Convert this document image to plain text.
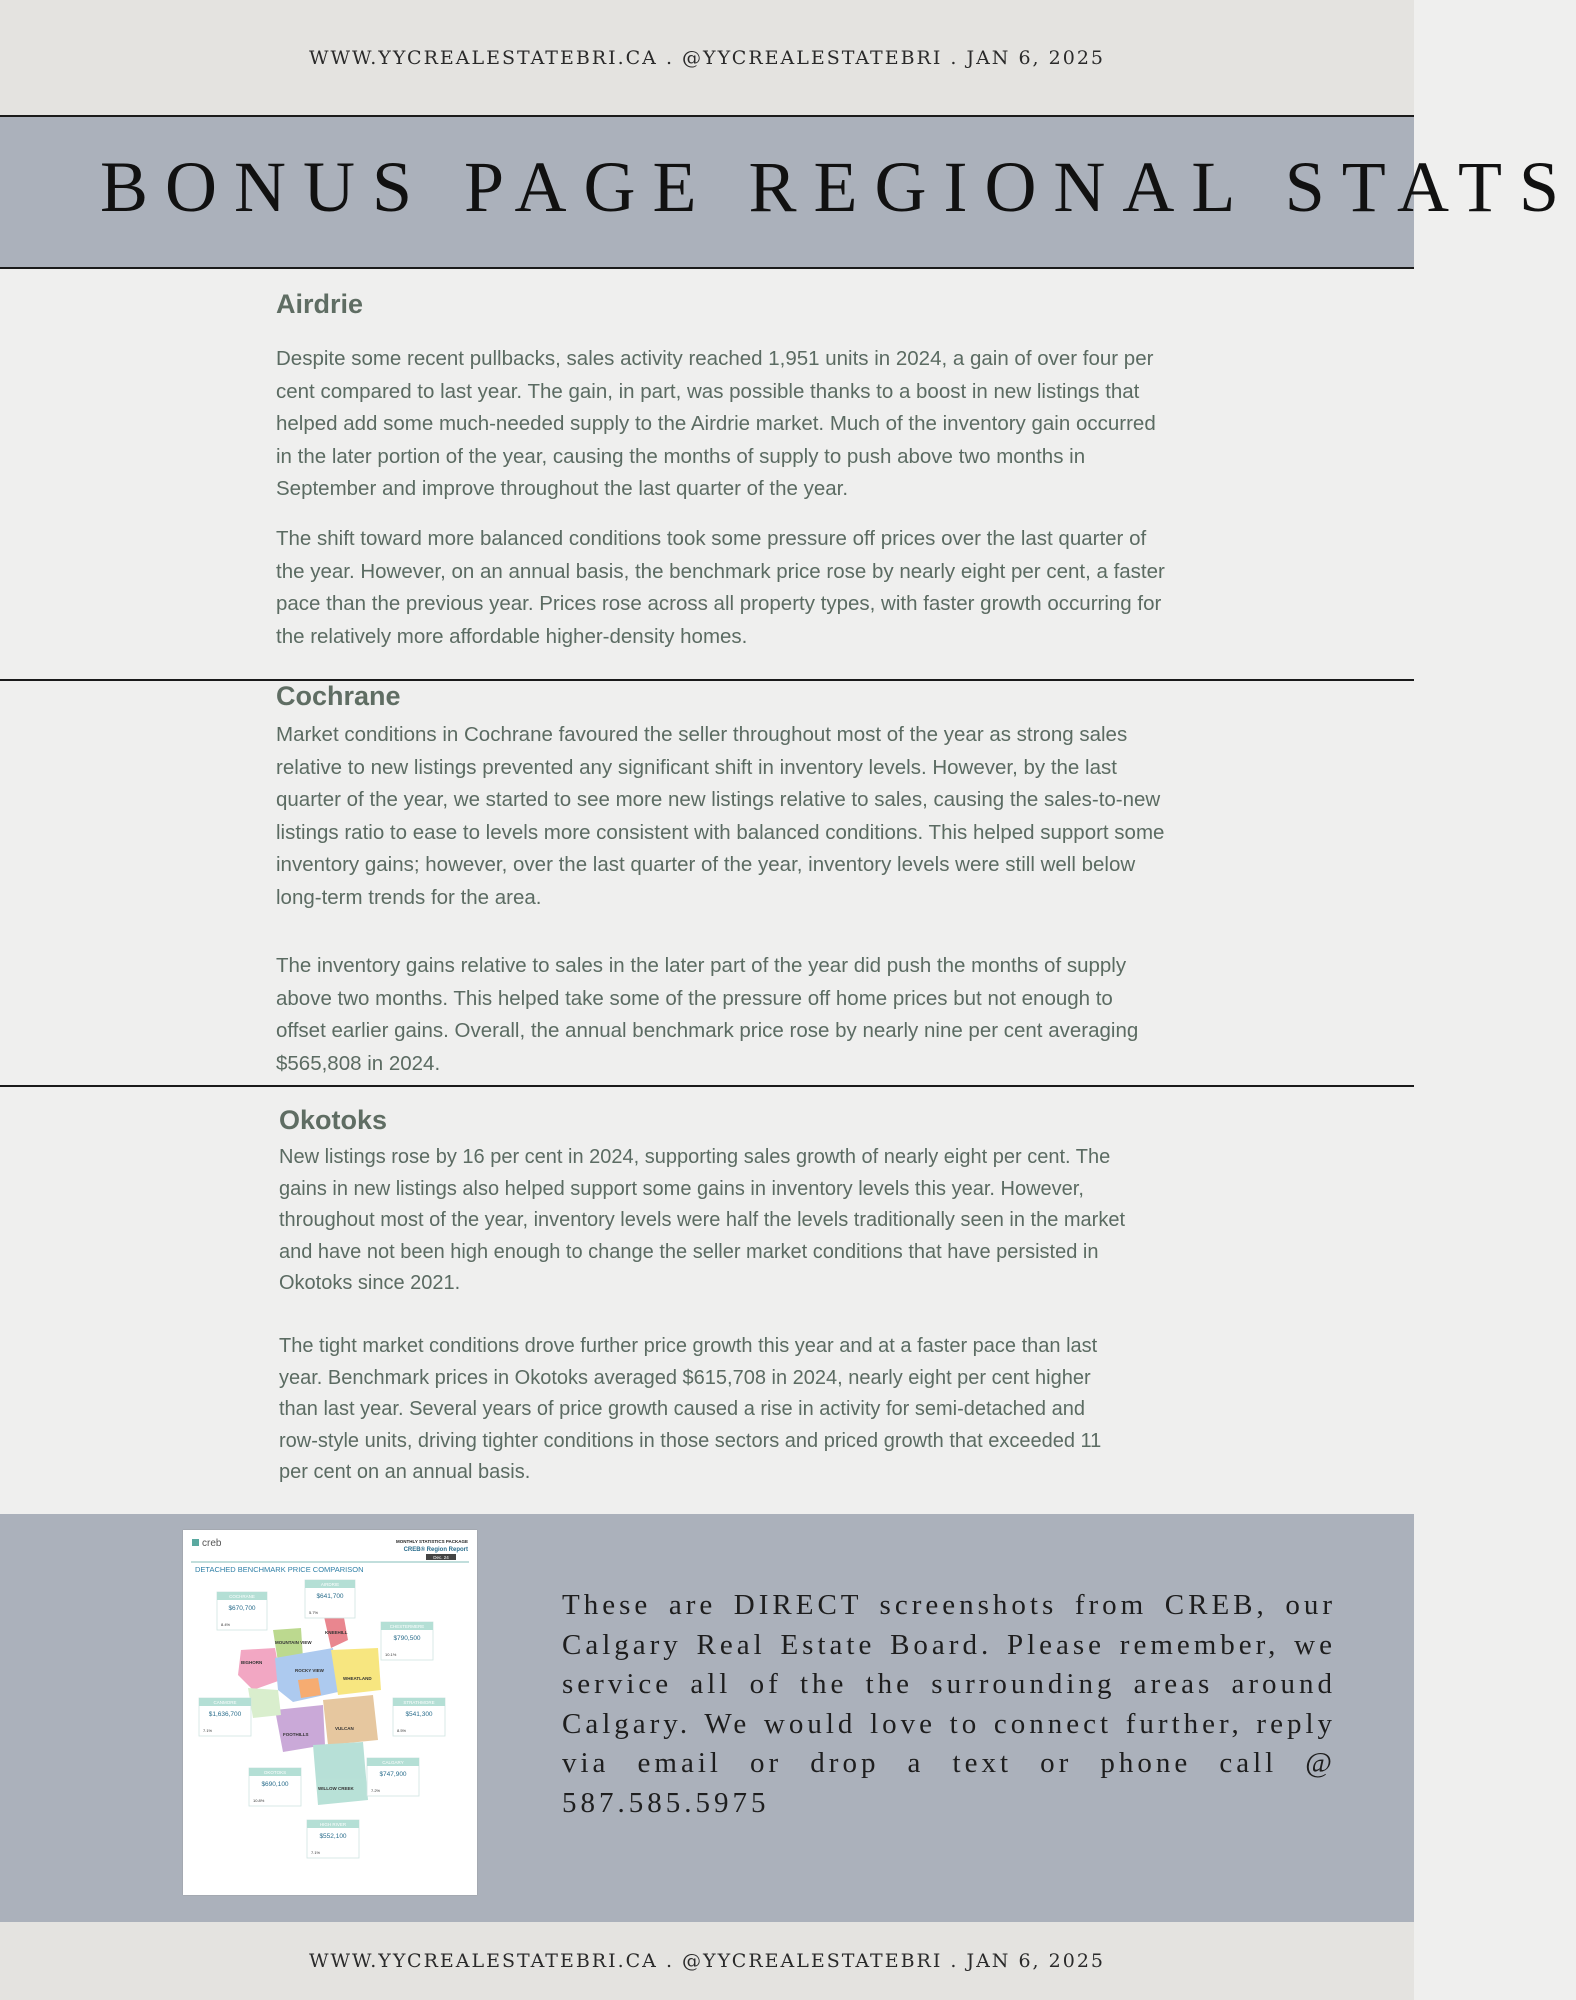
WWW.YYCREALESTATEBRI.CA . @YYCREALESTATEBRI . JAN 6, 2025
BONUS PAGE REGIONAL STATS
Airdrie

Despite some recent pullbacks, sales activity reached 1,951 units in 2024, a gain of over four per cent compared to last year. The gain, in part, was possible thanks to a boost in new listings that helped add some much-needed supply to the Airdrie market. Much of the inventory gain occurred in the later portion of the year, causing the months of supply to push above two months in September and improve throughout the last quarter of the year.

The shift toward more balanced conditions took some pressure off prices over the last quarter of the year. However, on an annual basis, the benchmark price rose by nearly eight per cent, a faster pace than the previous year. Prices rose across all property types, with faster growth occurring for the relatively more affordable higher-density homes.

Cochrane

Market conditions in Cochrane favoured the seller throughout most of the year as strong sales relative to new listings prevented any significant shift in inventory levels. However, by the last quarter of the year, we started to see more new listings relative to sales, causing the sales-to-new listings ratio to ease to levels more consistent with balanced conditions. This helped support some inventory gains; however, over the last quarter of the year, inventory levels were still well below long-term trends for the area.

The inventory gains relative to sales in the later part of the year did push the months of supply above two months. This helped take some of the pressure off home prices but not enough to offset earlier gains. Overall, the annual benchmark price rose by nearly nine per cent averaging $565,808 in 2024.

Okotoks

New listings rose by 16 per cent in 2024, supporting sales growth of nearly eight per cent. The gains in new listings also helped support some gains in inventory levels this year. However, throughout most of the year, inventory levels were half the levels traditionally seen in the market and have not been high enough to change the seller market conditions that have persisted in Okotoks since 2021.

The tight market conditions drove further price growth this year and at a faster pace than last year. Benchmark prices in Okotoks averaged $615,708 in 2024, nearly eight per cent higher than last year. Several years of price growth caused a rise in activity for semi-detached and row-style units, driving tighter conditions in those sectors and priced growth that exceeded 11 per cent on an annual basis.

creb	MONTHLY STATISTICS PACKAGE
CREB® Region Report
Dec. 24
DETACHED BENCHMARK PRICE COMPARISON
MOUNTAIN VIEW
KNEEHILL
BIGHORN
ROCKY VIEW
WHEATLAND
FOOTHILLS
VULCAN
WILLOW CREEK
COCHRANE
$670,700
8.4%
AIRDRIE
$641,700
5.7%
CHESTERMERE
$790,500
10.1%
CANMORE
$1,636,700
7.1%
STRATHMORE
$541,300
8.5%
CALGARY
$747,900
7.2%
OKOTOKS
$690,100
10.8%
HIGH RIVER
$552,100
7.1%

These are DIRECT screenshots from CREB, our Calgary Real Estate Board. Please remember, we service all of the the surrounding areas around Calgary. We would love to connect further, reply via email or drop a text or phone call @ 587.585.5975

WWW.YYCREALESTATEBRI.CA . @YYCREALESTATEBRI . JAN 6, 2025
